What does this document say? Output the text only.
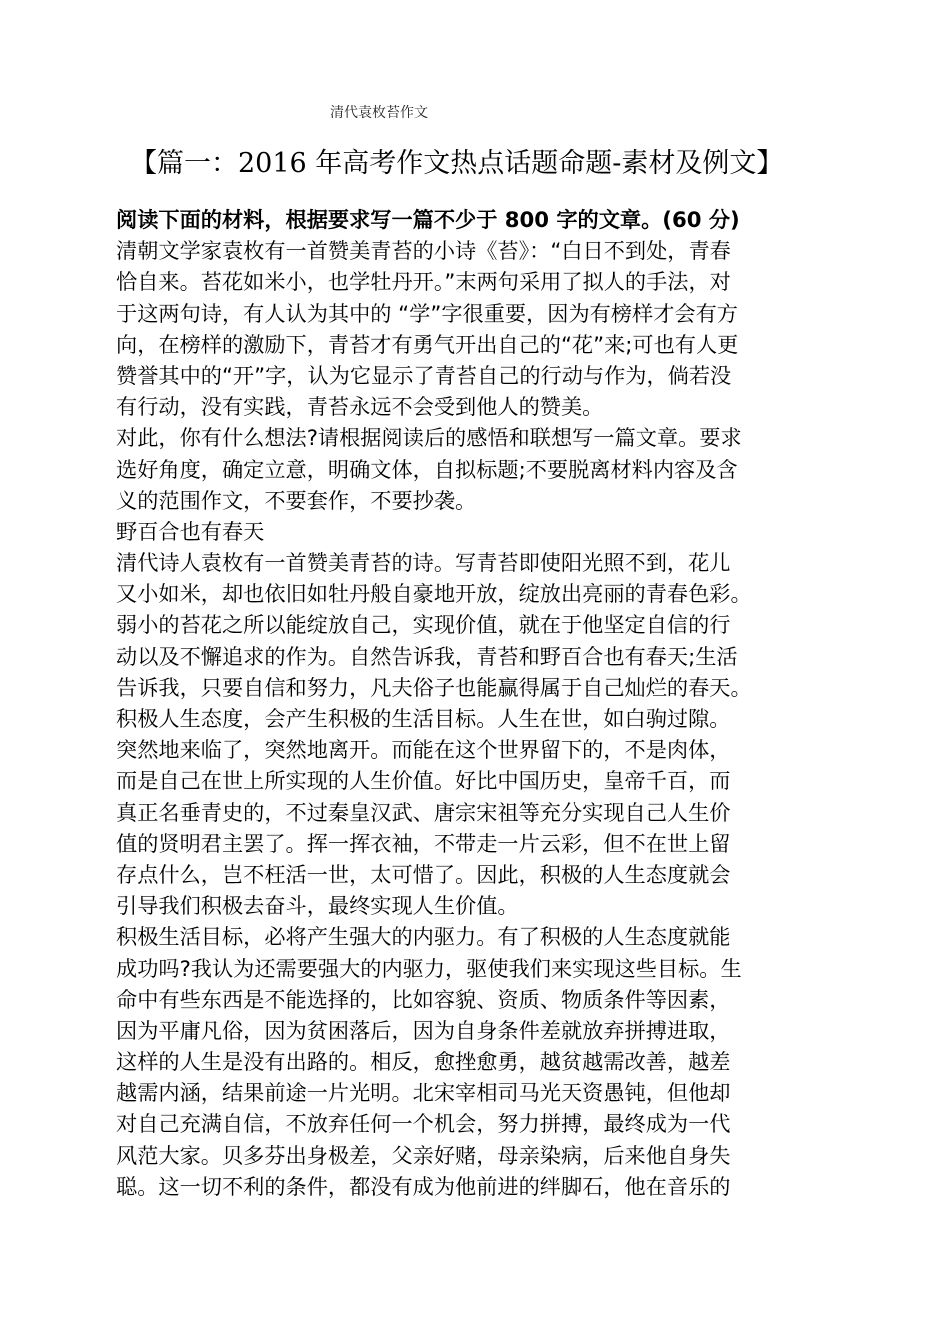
清代袁枚苔作文
【篇一：2016 年高考作文热点话题命题-素材及例文】
阅读下面的材料，根据要求写一篇不少于 800 字的文章。(60 分)
清朝文学家袁枚有一首赞美青苔的小诗《苔》：“白日不到处，青春
恰自来。苔花如米小，也学牡丹开。”末两句采用了拟人的手法，对
于这两句诗，有人认为其中的 “学”字很重要，因为有榜样才会有方
向，在榜样的激励下，青苔才有勇气开出自己的“花”来;可也有人更
赞誉其中的“开”字，认为它显示了青苔自己的行动与作为，倘若没
有行动，没有实践，青苔永远不会受到他人的赞美。
对此，你有什么想法?请根据阅读后的感悟和联想写一篇文章。要求
选好角度，确定立意，明确文体，自拟标题;不要脱离材料内容及含
义的范围作文，不要套作，不要抄袭。
野百合也有春天
清代诗人袁枚有一首赞美青苔的诗。写青苔即使阳光照不到，花儿
又小如米，却也依旧如牡丹般自豪地开放，绽放出亮丽的青春色彩。
弱小的苔花之所以能绽放自己，实现价值，就在于他坚定自信的行
动以及不懈追求的作为。自然告诉我，青苔和野百合也有春天;生活
告诉我，只要自信和努力，凡夫俗子也能赢得属于自己灿烂的春天。
积极人生态度，会产生积极的生活目标。人生在世，如白驹过隙。
突然地来临了，突然地离开。而能在这个世界留下的，不是肉体，
而是自己在世上所实现的人生价值。好比中国历史，皇帝千百，而
真正名垂青史的，不过秦皇汉武、唐宗宋祖等充分实现自己人生价
值的贤明君主罢了。挥一挥衣袖，不带走一片云彩，但不在世上留
存点什么，岂不枉活一世，太可惜了。因此，积极的人生态度就会
引导我们积极去奋斗，最终实现人生价值。
积极生活目标，必将产生强大的内驱力。有了积极的人生态度就能
成功吗?我认为还需要强大的内驱力，驱使我们来实现这些目标。生
命中有些东西是不能选择的，比如容貌、资质、物质条件等因素，
因为平庸凡俗，因为贫困落后，因为自身条件差就放弃拼搏进取，
这样的人生是没有出路的。相反，愈挫愈勇，越贫越需改善，越差
越需内涵，结果前途一片光明。北宋宰相司马光天资愚钝，但他却
对自己充满自信，不放弃任何一个机会，努力拼搏，最终成为一代
风范大家。贝多芬出身极差，父亲好赌，母亲染病，后来他自身失
聪。这一切不利的条件，都没有成为他前进的绊脚石，他在音乐的
